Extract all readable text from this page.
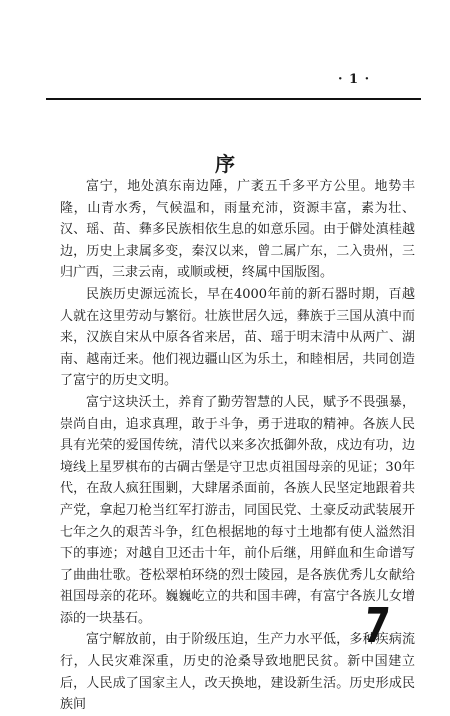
· 1 ·
序

富宁，地处滇东南边陲，广袤五千多平方公里。地势丰隆，山青水秀，气候温和，雨量充沛，资源丰富，素为壮、汉、瑶、苗、彝多民族相依生息的如意乐园。由于僻处滇桂越边，历史上隶属多变，秦汉以来，曾二属广东，二入贵州，三归广西，三隶云南，或顺或梗，终属中国版图。

民族历史源远流长，早在4000年前的新石器时期，百越人就在这里劳动与繁衍。壮族世居久远，彝族于三国从滇中而来，汉族自宋从中原各省来居，苗、瑶于明末清中从两广、湖南、越南迁来。他们视边疆山区为乐土，和睦相居，共同创造了富宁的历史文明。

富宁这块沃土，养育了勤劳智慧的人民，赋予不畏强暴，崇尚自由，追求真理，敢于斗争，勇于进取的精神。各族人民具有光荣的爱国传统，清代以来多次抵御外敌，戍边有功，边境线上星罗棋布的古碉古堡是守卫忠贞祖国母亲的见证；30年代，在敌人疯狂围剿，大肆屠杀面前，各族人民坚定地跟着共产党，拿起刀枪当红军打游击，同国民党、土豪反动武装展开七年之久的艰苦斗争，红色根据地的每寸土地都有使人溢然泪下的事迹；对越自卫还击十年，前仆后继，用鲜血和生命谱写了曲曲壮歌。苍松翠柏环绕的烈士陵园，是各族优秀儿女献给祖国母亲的花环。巍巍屹立的共和国丰碑，有富宁各族儿女增添的一块基石。

富宁解放前，由于阶级压迫，生产力水平低，多种疾病流行，人民灾难深重，历史的沧桑导致地肥民贫。新中国建立后，人民成了国家主人，改天换地，建设新生活。历史形成民族间

7
